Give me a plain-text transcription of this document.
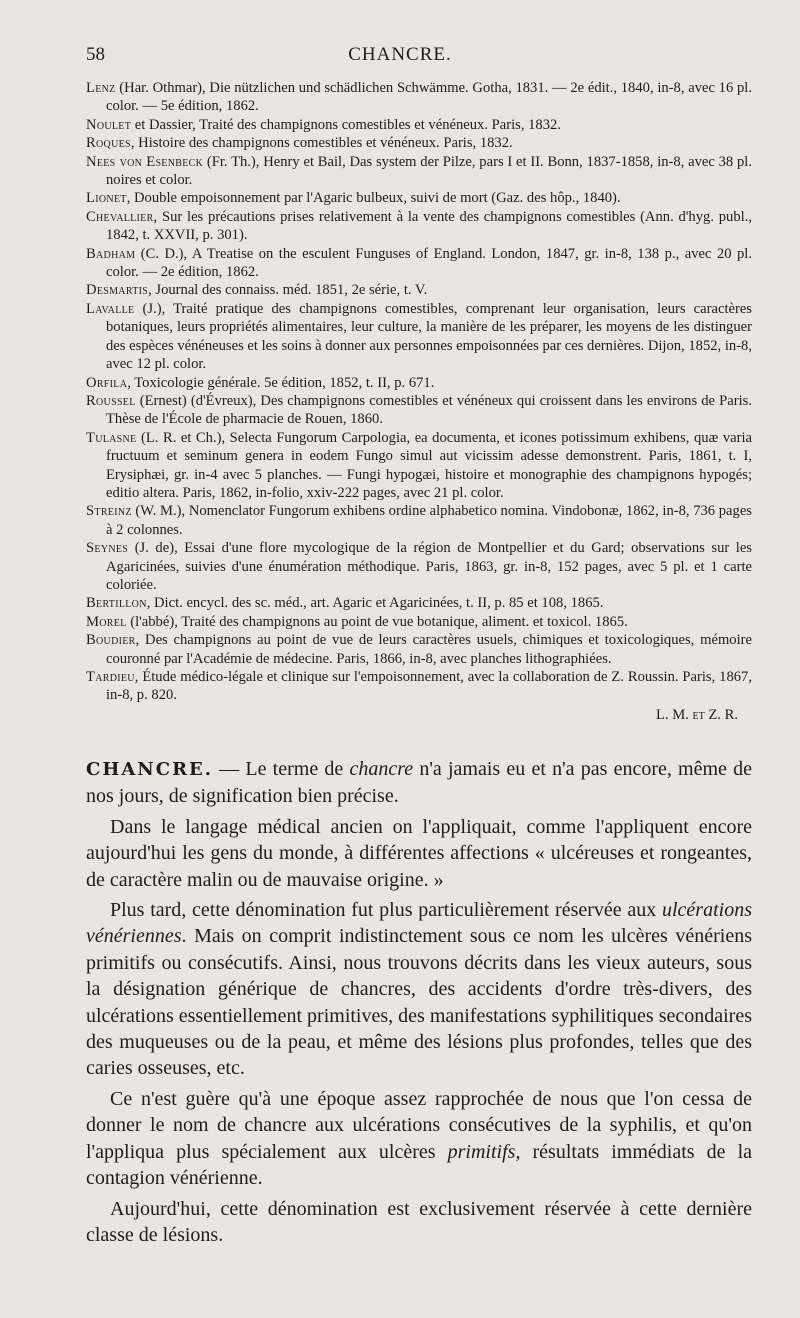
58	CHANCRE.
Lenz (Har. Othmar), Die nützlichen und schädlichen Schwämme. Gotha, 1831. — 2e édit., 1840, in-8, avec 16 pl. color. — 5e édition, 1862.
Noulet et Dassier, Traité des champignons comestibles et vénéneux. Paris, 1832.
Roques, Histoire des champignons comestibles et vénéneux. Paris, 1832.
Nees von Esenbeck (Fr. Th.), Henry et Bail, Das system der Pilze, pars I et II. Bonn, 1837-1858, in-8, avec 38 pl. noires et color.
Lionet, Double empoisonnement par l'Agaric bulbeux, suivi de mort (Gaz. des hôp., 1840).
Chevallier, Sur les précautions prises relativement à la vente des champignons comestibles (Ann. d'hyg. publ., 1842, t. XXVII, p. 301).
Badham (C. D.), A Treatise on the esculent Funguses of England. London, 1847, gr. in-8, 138 p., avec 20 pl. color. — 2e édition, 1862.
Desmartis, Journal des connaiss. méd. 1851, 2e série, t. V.
Lavalle (J.), Traité pratique des champignons comestibles, comprenant leur organisation, leurs caractères botaniques, leurs propriétés alimentaires, leur culture, la manière de les préparer, les moyens de les distinguer des espèces vénéneuses et les soins à donner aux personnes empoisonnées par ces dernières. Dijon, 1852, in-8, avec 12 pl. color.
Orfila, Toxicologie générale. 5e édition, 1852, t. II, p. 671.
Roussel (Ernest) (d'Évreux), Des champignons comestibles et vénéneux qui croissent dans les environs de Paris. Thèse de l'École de pharmacie de Rouen, 1860.
Tulasne (L. R. et Ch.), Selecta Fungorum Carpologia, ea documenta, et icones potissimum exhibens, quæ varia fructuum et seminum genera in eodem Fungo simul aut vicissim adesse demonstrent. Paris, 1861, t. I, Erysiphæi, gr. in-4 avec 5 planches. — Fungi hypogæi, histoire et monographie des champignons hypogés; editio altera. Paris, 1862, in-folio, xxiv-222 pages, avec 21 pl. color.
Streinz (W. M.), Nomenclator Fungorum exhibens ordine alphabetico nomina. Vindobonæ, 1862, in-8, 736 pages à 2 colonnes.
Seynes (J. de), Essai d'une flore mycologique de la région de Montpellier et du Gard; observations sur les Agaricinées, suivies d'une énumération méthodique. Paris, 1863, gr. in-8, 152 pages, avec 5 pl. et 1 carte coloriée.
Bertillon, Dict. encycl. des sc. méd., art. Agaric et Agaricinées, t. II, p. 85 et 108, 1865.
Morel (l'abbé), Traité des champignons au point de vue botanique, aliment. et toxicol. 1865.
Boudier, Des champignons au point de vue de leurs caractères usuels, chimiques et toxicologiques, mémoire couronné par l'Académie de médecine. Paris, 1866, in-8, avec planches lithographiées.
Tardieu, Étude médico-légale et clinique sur l'empoisonnement, avec la collaboration de Z. Roussin. Paris, 1867, in-8, p. 820.
L. M. et Z. R.

CHANCRE. — Le terme de chancre n'a jamais eu et n'a pas encore, même de nos jours, de signification bien précise.

Dans le langage médical ancien on l'appliquait, comme l'appliquent encore aujourd'hui les gens du monde, à différentes affections « ulcéreuses et rongeantes, de caractère malin ou de mauvaise origine. »

Plus tard, cette dénomination fut plus particulièrement réservée aux ulcérations vénériennes. Mais on comprit indistinctement sous ce nom les ulcères vénériens primitifs ou consécutifs. Ainsi, nous trouvons décrits dans les vieux auteurs, sous la désignation générique de chancres, des accidents d'ordre très-divers, des ulcérations essentiellement primitives, des manifestations syphilitiques secondaires des muqueuses ou de la peau, et même des lésions plus profondes, telles que des caries osseuses, etc.

Ce n'est guère qu'à une époque assez rapprochée de nous que l'on cessa de donner le nom de chancre aux ulcérations consécutives de la syphilis, et qu'on l'appliqua plus spécialement aux ulcères primitifs, résultats immédiats de la contagion vénérienne.

Aujourd'hui, cette dénomination est exclusivement réservée à cette dernière classe de lésions.
